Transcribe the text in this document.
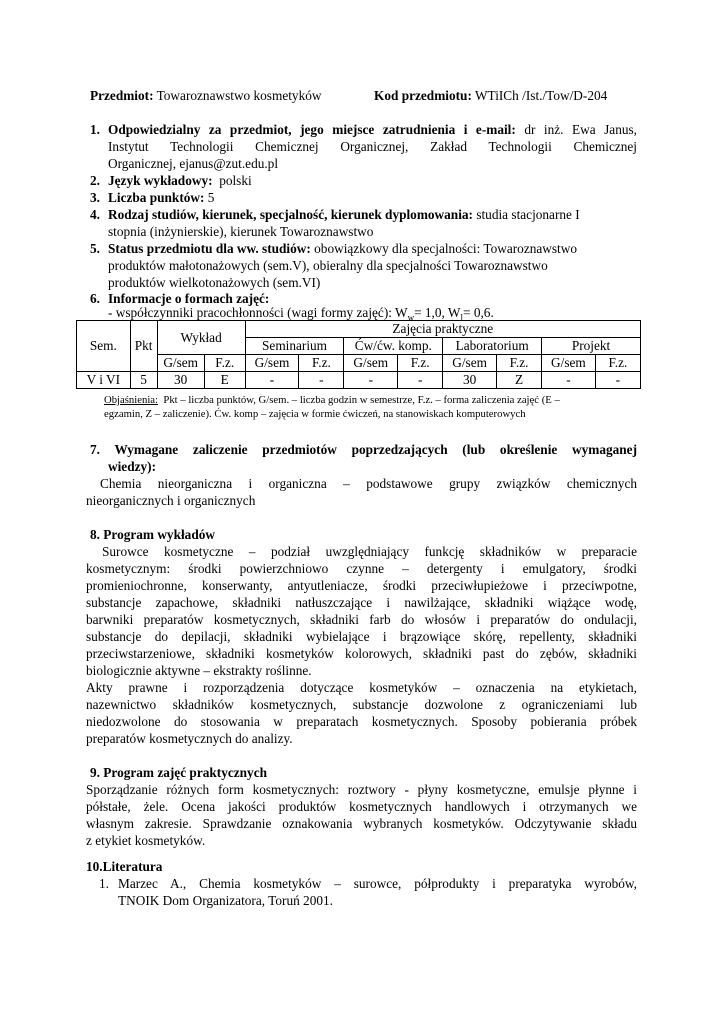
Przedmiot: Towaroznawstwo kosmetyków	Kod przedmiotu: WTiICh /Ist./Tow/D-204
1. Odpowiedzialny za przedmiot, jego miejsce zatrudnienia i e-mail: dr inż. Ewa Janus,
Instytut Technologii Chemicznej Organicznej, Zakład Technologii Chemicznej
Organicznej, ejanus@zut.edu.pl
2. Język wykładowy: polski
3. Liczba punktów: 5
4. Rodzaj studiów, kierunek, specjalność, kierunek dyplomowania: studia stacjonarne I
stopnia (inżynierskie), kierunek Towaroznawstwo
5. Status przedmiotu dla ww. studiów: obowiązkowy dla specjalności: Towaroznawstwo
produktów małotonażowych (sem.V), obieralny dla specjalności Towaroznawstwo
produktów wielkotonażowych (sem.VI)
6. Informacje o formach zajęć:
- współczynniki pracochłonności (wagi formy zajęć): $W_w= 1,0$, $W_l= 0,6$.
Sem.	Pkt	Wykład		Zajęcia praktyczne							
				Seminarium		Ćw/ćw. komp.		Laboratorium		Projekt	
		G/sem	F.z.	G/sem	F.z.	G/sem	F.z.	G/sem	F.z.	G/sem	F.z.
V i VI	5	30	E	-	-	-	-	30	Z	-	-
Objaśnienia: Pkt – liczba punktów, G/sem. – liczba godzin w semestrze, F.z. – forma zaliczenia zajęć (E –
egzamin, Z – zaliczenie). Ćw. komp – zajęcia w formie ćwiczeń, na stanowiskach komputerowych
7. Wymagane zaliczenie przedmiotów poprzedzających (lub określenie wymaganej
wiedzy):
Chemia nieorganiczna i organiczna – podstawowe grupy związków chemicznych
nieorganicznych i organicznych
8. Program wykładów
Surowce kosmetyczne – podział uwzględniający funkcję składników w preparacie
kosmetycznym: środki powierzchniowo czynne – detergenty i emulgatory, środki
promieniochronne, konserwanty, antyutleniacze, środki przeciwłupieżowe i przeciwpotne,
substancje zapachowe, składniki natłuszczające i nawilżające, składniki wiążące wodę,
barwniki preparatów kosmetycznych, składniki farb do włosów i preparatów do ondulacji,
substancje do depilacji, składniki wybielające i brązowiące skórę, repellenty, składniki
przeciwstarzeniowe, składniki kosmetyków kolorowych, składniki past do zębów, składniki
biologicznie aktywne – ekstrakty roślinne.
Akty prawne i rozporządzenia dotyczące kosmetyków – oznaczenia na etykietach,
nazewnictwo składników kosmetycznych, substancje dozwolone z ograniczeniami lub
niedozwolone do stosowania w preparatach kosmetycznych. Sposoby pobierania próbek
preparatów kosmetycznych do analizy.
9. Program zajęć praktycznych
Sporządzanie różnych form kosmetycznych: roztwory - płyny kosmetyczne, emulsje płynne i
półstałe, żele. Ocena jakości produktów kosmetycznych handlowych i otrzymanych we
własnym zakresie. Sprawdzanie oznakowania wybranych kosmetyków. Odczytywanie składu
z etykiet kosmetyków.
10.Literatura
1. Marzec A., Chemia kosmetyków – surowce, półprodukty i preparatyka wyrobów,
TNOIK Dom Organizatora, Toruń 2001.
